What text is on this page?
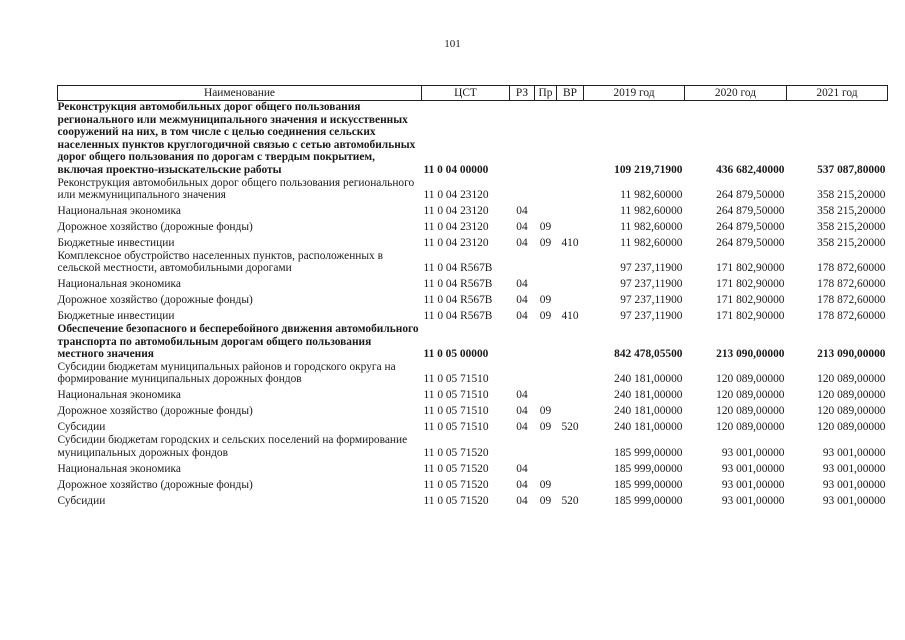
101
Наименование	ЦСТ	РЗ	Пр	ВР	2019 год	2020 год	2021 год
Реконструкция автомобильных дорог общего пользования регионального или межмуниципального значения и искусственных сооружений на них, в том числе с целью соединения сельских населенных пунктов круглогодичной связью с сетью автомобильных дорог общего пользования по дорогам с твердым покрытием, включая проектно-изыскательские работы	11 0 04 00000				109 219,71900	436 682,40000	537 087,80000
Реконструкция автомобильных дорог общего пользования регионального или межмуниципального значения	11 0 04 23120				11 982,60000	264 879,50000	358 215,20000
Национальная экономика	11 0 04 23120	04			11 982,60000	264 879,50000	358 215,20000
Дорожное хозяйство (дорожные фонды)	11 0 04 23120	04	09		11 982,60000	264 879,50000	358 215,20000
Бюджетные инвестиции	11 0 04 23120	04	09	410	11 982,60000	264 879,50000	358 215,20000
Комплексное обустройство населенных пунктов, расположенных в сельской местности, автомобильными дорогами	11 0 04 R567B				97 237,11900	171 802,90000	178 872,60000
Национальная экономика	11 0 04 R567B	04			97 237,11900	171 802,90000	178 872,60000
Дорожное хозяйство (дорожные фонды)	11 0 04 R567B	04	09		97 237,11900	171 802,90000	178 872,60000
Бюджетные инвестиции	11 0 04 R567B	04	09	410	97 237,11900	171 802,90000	178 872,60000
Обеспечение безопасного и бесперебойного движения автомобильного транспорта по автомобильным дорогам общего пользования местного значения	11 0 05 00000				842 478,05500	213 090,00000	213 090,00000
Субсидии бюджетам муниципальных районов и городского округа на формирование муниципальных дорожных фондов	11 0 05 71510				240 181,00000	120 089,00000	120 089,00000
Национальная экономика	11 0 05 71510	04			240 181,00000	120 089,00000	120 089,00000
Дорожное хозяйство (дорожные фонды)	11 0 05 71510	04	09		240 181,00000	120 089,00000	120 089,00000
Субсидии	11 0 05 71510	04	09	520	240 181,00000	120 089,00000	120 089,00000
Субсидии бюджетам городских и сельских поселений на формирование муниципальных дорожных фондов	11 0 05 71520				185 999,00000	93 001,00000	93 001,00000
Национальная экономика	11 0 05 71520	04			185 999,00000	93 001,00000	93 001,00000
Дорожное хозяйство (дорожные фонды)	11 0 05 71520	04	09		185 999,00000	93 001,00000	93 001,00000
Субсидии	11 0 05 71520	04	09	520	185 999,00000	93 001,00000	93 001,00000
